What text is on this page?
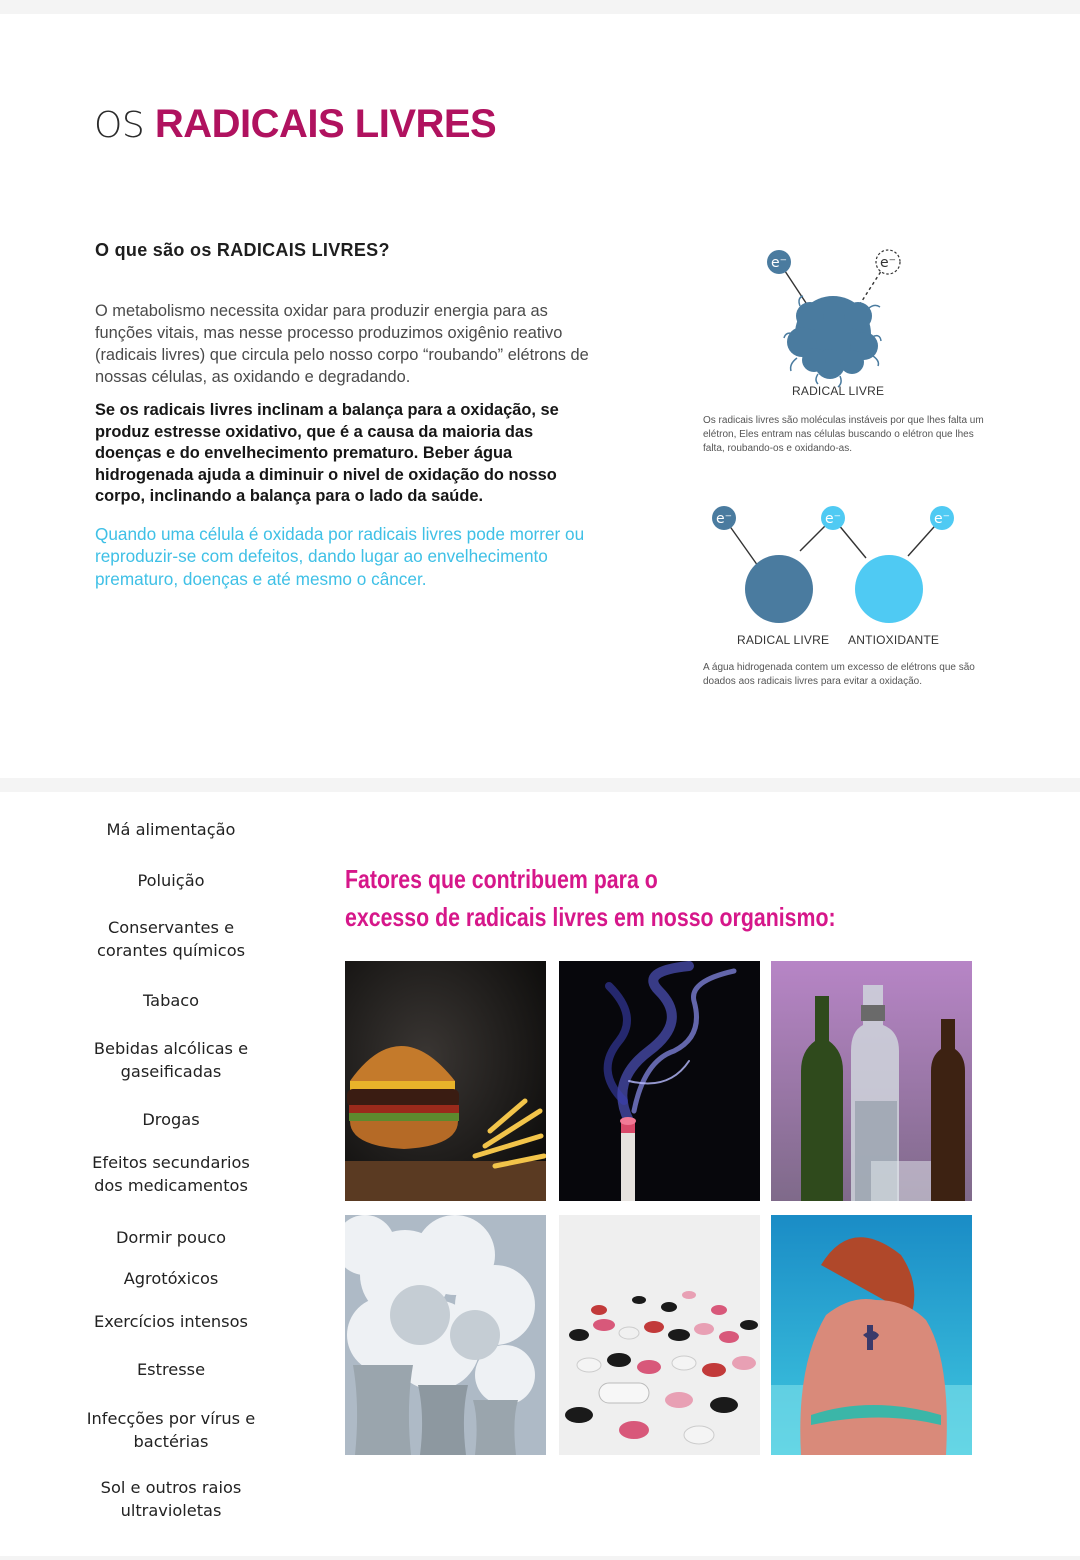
OS RADICAIS LIVRES
O que são os RADICAIS LIVRES?

O metabolismo necessita oxidar para produzir energia para as funções vitais, mas nesse processo produzimos oxigênio reativo (radicais livres) que circula pelo nosso corpo “roubando” elétrons de nossas células, as oxidando e degradando.

Se os radicais livres inclinam a balança para a oxidação, se produz estresse oxidativo, que é a causa da maioria das doenças e do envelhecimento prematuro. Beber água hidrogenada ajuda a diminuir o nivel de oxidação do nosso corpo, inclinando a balança para o lado da saúde.

Quando uma célula é oxidada por radicais livres pode morrer ou reproduzir-se com defeitos, dando lugar ao envelhecimento prematuro, doenças e até mesmo o câncer.

e⁻	e⁻
RADICAL LIVRE
Os radicais livres são moléculas instáveis por que lhes falta um elétron, Eles entram nas células buscando o elétron que lhes falta, roubando-os e oxidando-as.
e⁻	e⁻	e⁻
RADICAL LIVRE ANTIOXIDANTE
A água hidrogenada contem um excesso de elétrons que são doados aos radicais livres para evitar a oxidação.
Má alimentação
Poluição
Conservantes e corantes químicos
Tabaco
Bebidas alcólicas e gaseificadas
Drogas
Efeitos secundarios dos medicamentos
Dormir pouco
Agrotóxicos
Exercícios intensos
Estresse
Infecções por vírus e bactérias
Sol e outros raios ultravioletas
Fatores que contribuem para o
excesso de radicais livres em nosso organismo:
